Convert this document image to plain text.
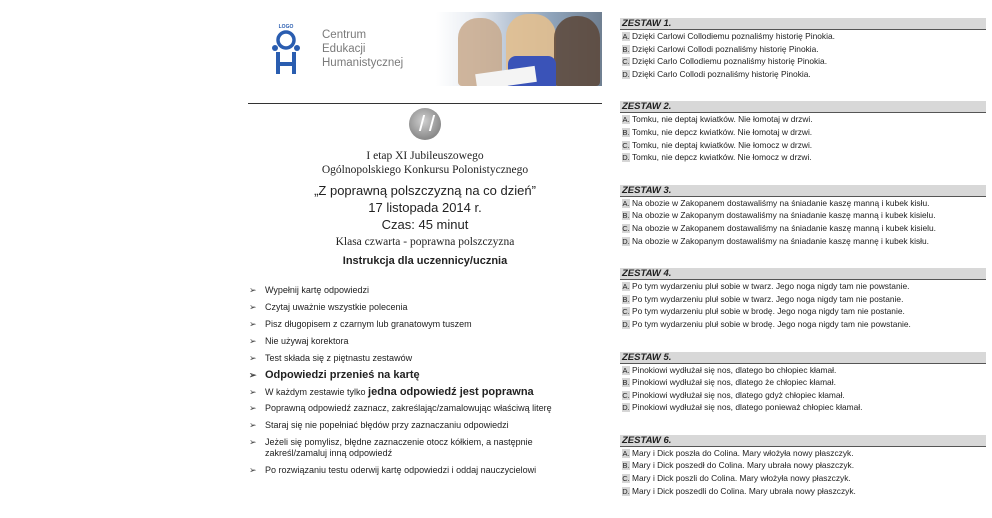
LOGO
Centrum
Edukacji
Humanistycznej
I etap XI Jubileuszowego
Ogólnopolskiego Konkursu Polonistycznego
„Z poprawną polszczyzną na co dzień”
17 listopada 2014 r.
Czas: 45 minut
Klasa czwarta - poprawna polszczyzna
Instrukcja dla uczennicy/ucznia
➢ Wypełnij kartę odpowiedzi
➢ Czytaj uważnie wszystkie polecenia
➢ Pisz długopisem z czarnym lub granatowym tuszem
➢ Nie używaj korektora
➢ Test składa się z piętnastu zestawów
➢ Odpowiedzi przenieś na kartę
➢ W każdym zestawie tylko jedna odpowiedź jest poprawna
➢ Poprawną odpowiedź zaznacz, zakreślając/zamalowując właściwą literę
➢ Staraj się nie popełniać błędów przy zaznaczaniu odpowiedzi
➢ Jeżeli się pomylisz, błędne zaznaczenie otocz kółkiem, a następnie
zakreśl/zamaluj inną odpowiedź
➢ Po rozwiązaniu testu oderwij kartę odpowiedzi i oddaj nauczycielowi
ZESTAW 1.
A. Dzięki Carlowi Collodiemu poznaliśmy historię Pinokia.
B. Dzięki Carlowi Collodi poznaliśmy historię Pinokia.
C. Dzięki Carlo Collodiemu poznaliśmy historię Pinokia.
D. Dzięki Carlo Collodi poznaliśmy historię Pinokia.
ZESTAW 2.
A. Tomku, nie deptaj kwiatków. Nie łomotaj w drzwi.
B. Tomku, nie depcz kwiatków. Nie łomotaj w drzwi.
C. Tomku, nie deptaj kwiatków. Nie łomocz w drzwi.
D. Tomku, nie depcz kwiatków. Nie łomocz w drzwi.
ZESTAW 3.
A. Na obozie w Zakopanem dostawaliśmy na śniadanie kaszę manną i kubek kisłu.
B. Na obozie w Zakopanym dostawaliśmy na śniadanie kaszę manną i kubek kisielu.
C. Na obozie w Zakopanem dostawaliśmy na śniadanie kaszę manną i kubek kisielu.
D. Na obozie w Zakopanym dostawaliśmy na śniadanie kaszę mannę i kubek kisłu.
ZESTAW 4.
A. Po tym wydarzeniu pluł sobie w twarz. Jego noga nigdy tam nie powstanie.
B. Po tym wydarzeniu pluł sobie w twarz. Jego noga nigdy tam nie postanie.
C. Po tym wydarzeniu pluł sobie w brodę. Jego noga nigdy tam nie postanie.
D. Po tym wydarzeniu pluł sobie w brodę. Jego noga nigdy tam nie powstanie.
ZESTAW 5.
A. Pinokiowi wydłużał się nos, dlatego bo chłopiec kłamał.
B. Pinokiowi wydłużał się nos, dlatego że chłopiec kłamał.
C. Pinokiowi wydłużał się nos, dlatego gdyż chłopiec kłamał.
D. Pinokiowi wydłużał się nos, dlatego ponieważ chłopiec kłamał.
ZESTAW 6.
A. Mary i Dick poszła do Colina. Mary włożyła nowy płaszczyk.
B. Mary i Dick poszedł do Colina. Mary ubrała nowy płaszczyk.
C. Mary i Dick poszli do Colina. Mary włożyła nowy płaszczyk.
D. Mary i Dick poszedli do Colina. Mary ubrała nowy płaszczyk.
